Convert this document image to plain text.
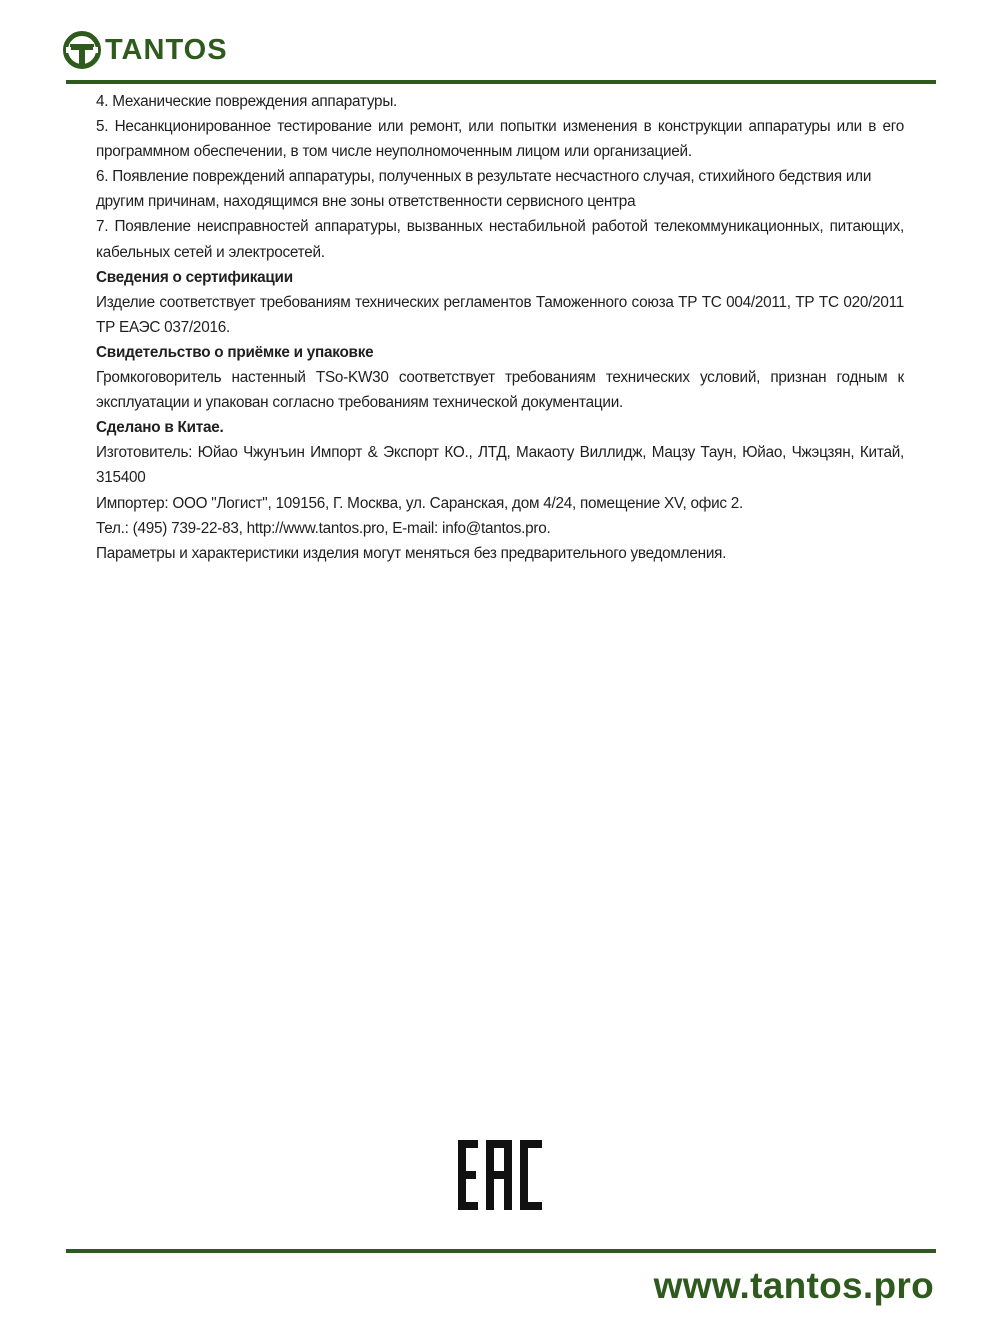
TANTOS

4. Механические повреждения аппаратуры.

5. Несанкционированное тестирование или ремонт, или попытки изменения в конструкции аппаратуры или в его программном обеспечении, в том числе неуполномоченным лицом или организацией.

6. Появление повреждений аппаратуры, полученных в результате несчастного случая, стихийного бедствия или другим причинам, находящимся вне зоны ответственности сервисного центра

7. Появление неисправностей аппаратуры, вызванных нестабильной работой телекоммуникационных, питающих, кабельных сетей и электросетей.

Сведения о сертификации

Изделие соответствует требованиям технических регламентов Таможенного союза ТР ТС 004/2011, ТР ТС 020/2011 ТР ЕАЭС 037/2016.

Свидетельство о приёмке и упаковке

Громкоговоритель настенный TSo-KW30 соответствует требованиям технических условий, признан годным к эксплуатации и упакован согласно требованиям технической документации.

Сделано в Китае.

Изготовитель: Юйао Чжунъин Импорт & Экспорт КО., ЛТД, Макаоту Виллидж, Мацзу Таун, Юйао, Чжэцзян, Китай, 315400

Импортер: ООО "Логист", 109156, Г. Москва, ул. Саранская, дом 4/24, помещение XV, офис 2.

Тел.: (495) 739-22-83, http://www.tantos.pro, E-mail: info@tantos.pro.

Параметры и характеристики изделия могут меняться без предварительного уведомления.

www.tantos.pro
